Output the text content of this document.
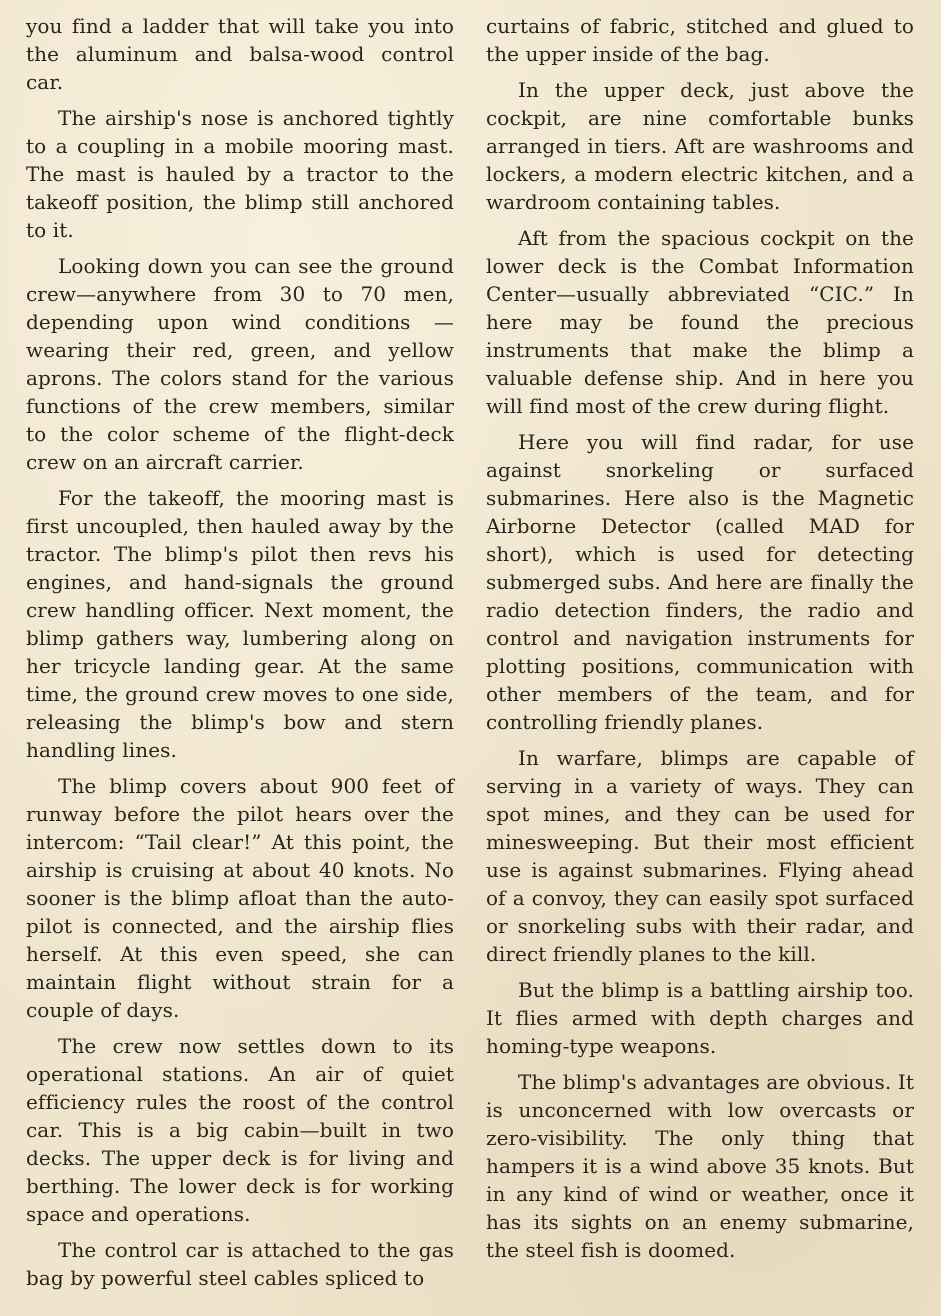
you find a ladder that will take you into the aluminum and balsa-wood control car.

The airship's nose is anchored tightly to a coupling in a mobile mooring mast. The mast is hauled by a tractor to the takeoff position, the blimp still anchored to it.

Looking down you can see the ground crew—anywhere from 30 to 70 men, depending upon wind conditions —wearing their red, green, and yellow aprons. The colors stand for the various functions of the crew members, similar to the color scheme of the flight-deck crew on an aircraft carrier.

For the takeoff, the mooring mast is first uncoupled, then hauled away by the tractor. The blimp's pilot then revs his engines, and hand-signals the ground crew handling officer. Next moment, the blimp gathers way, lumbering along on her tricycle landing gear. At the same time, the ground crew moves to one side, releasing the blimp's bow and stern handling lines.

The blimp covers about 900 feet of runway before the pilot hears over the intercom: “Tail clear!” At this point, the airship is cruising at about 40 knots. No sooner is the blimp afloat than the auto-pilot is connected, and the airship flies herself. At this even speed, she can maintain flight without strain for a couple of days.

The crew now settles down to its operational stations. An air of quiet efficiency rules the roost of the control car. This is a big cabin—built in two decks. The upper deck is for living and berthing. The lower deck is for working space and operations.

The control car is attached to the gas bag by powerful steel cables spliced to

curtains of fabric, stitched and glued to the upper inside of the bag.

In the upper deck, just above the cockpit, are nine comfortable bunks arranged in tiers. Aft are washrooms and lockers, a modern electric kitchen, and a wardroom containing tables.

Aft from the spacious cockpit on the lower deck is the Combat Information Center—usually abbreviated “CIC.” In here may be found the precious instruments that make the blimp a valuable defense ship. And in here you will find most of the crew during flight.

Here you will find radar, for use against snorkeling or surfaced submarines. Here also is the Magnetic Airborne Detector (called MAD for short), which is used for detecting submerged subs. And here are finally the radio detection finders, the radio and control and navigation instruments for plotting positions, communication with other members of the team, and for controlling friendly planes.

In warfare, blimps are capable of serving in a variety of ways. They can spot mines, and they can be used for minesweeping. But their most efficient use is against submarines. Flying ahead of a convoy, they can easily spot surfaced or snorkeling subs with their radar, and direct friendly planes to the kill.

But the blimp is a battling airship too. It flies armed with depth charges and homing-type weapons.

The blimp's advantages are obvious. It is unconcerned with low overcasts or zero-visibility. The only thing that hampers it is a wind above 35 knots. But in any kind of wind or weather, once it has its sights on an enemy submarine, the steel fish is doomed.
